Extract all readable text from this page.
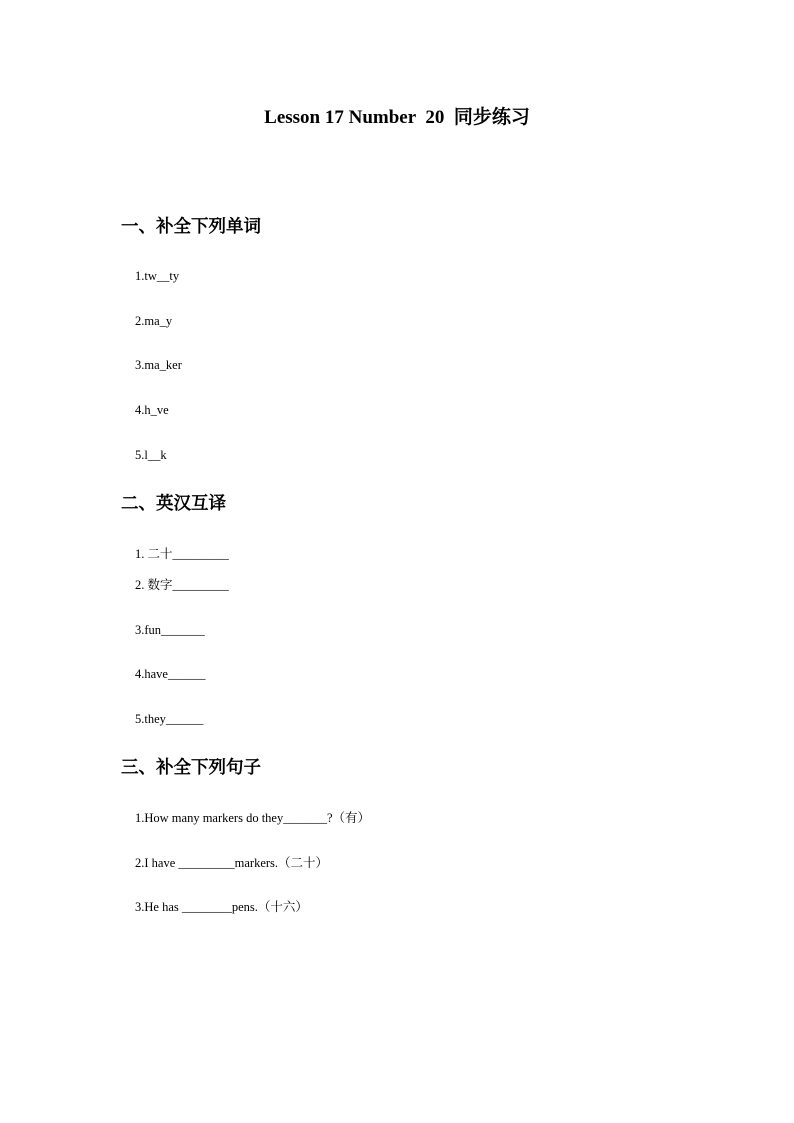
Lesson 17 Number  20  同步练习
一、补全下列单词
1.tw__ty
2.ma_y
3.ma_ker
4.h_ve
5.l__k
二、英汉互译
1. 二十_________
2. 数字_________
3.fun_______
4.have______
5.they______
三、补全下列句子
1.How many markers do they_______?（有）
2.I have _________markers.（二十）
3.He has ________pens.（十六）
